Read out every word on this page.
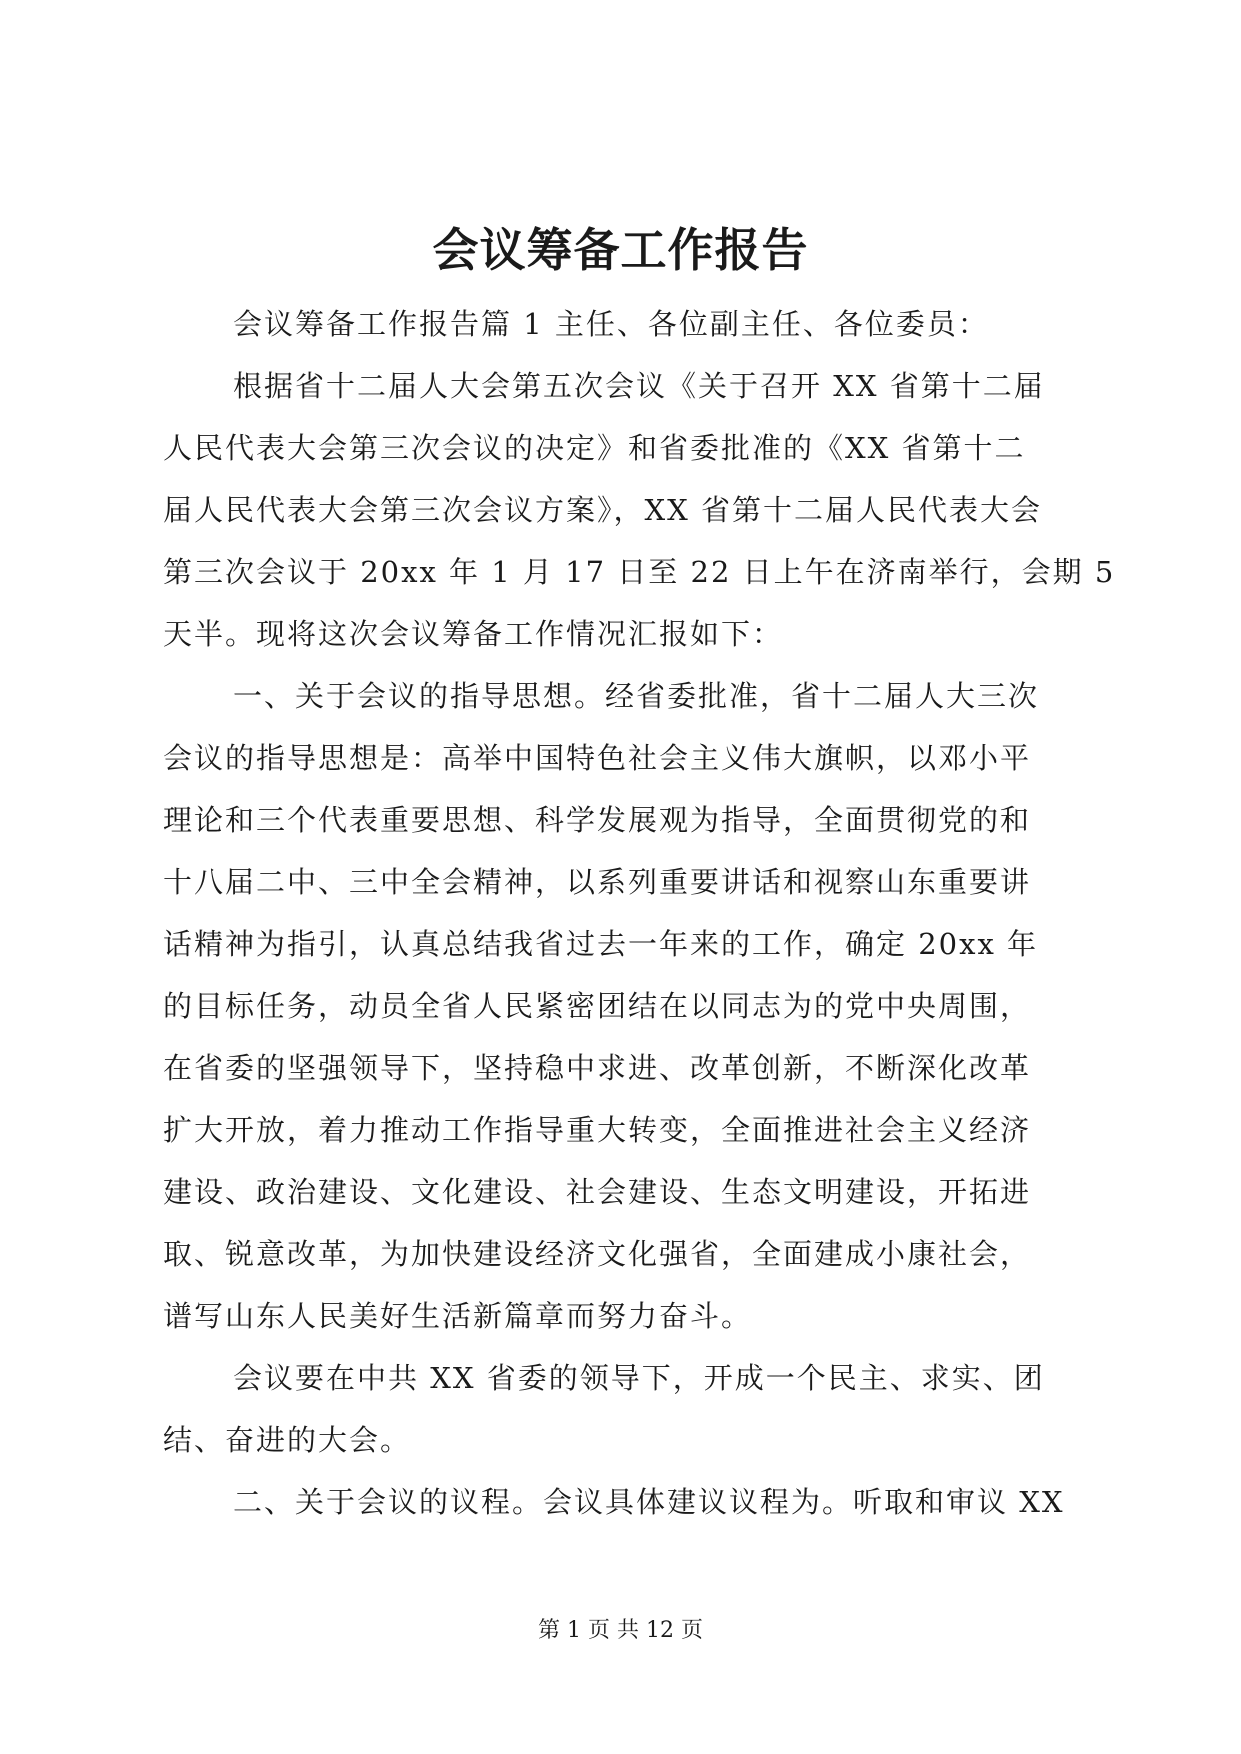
会议筹备工作报告
会议筹备工作报告篇 1 主任、各位副主任、各位委员：
根据省十二届人大会第五次会议《关于召开 XX 省第十二届
人民代表大会第三次会议的决定》和省委批准的《XX 省第十二
届人民代表大会第三次会议方案》，XX 省第十二届人民代表大会
第三次会议于 20xx 年 1 月 17 日至 22 日上午在济南举行，会期 5
天半。现将这次会议筹备工作情况汇报如下：
一、关于会议的指导思想。经省委批准，省十二届人大三次
会议的指导思想是：高举中国特色社会主义伟大旗帜，以邓小平
理论和三个代表重要思想、科学发展观为指导，全面贯彻党的和
十八届二中、三中全会精神，以系列重要讲话和视察山东重要讲
话精神为指引，认真总结我省过去一年来的工作，确定 20xx 年
的目标任务，动员全省人民紧密团结在以同志为的党中央周围，
在省委的坚强领导下，坚持稳中求进、改革创新，不断深化改革
扩大开放，着力推动工作指导重大转变，全面推进社会主义经济
建设、政治建设、文化建设、社会建设、生态文明建设，开拓进
取、锐意改革，为加快建设经济文化强省，全面建成小康社会，
谱写山东人民美好生活新篇章而努力奋斗。
会议要在中共 XX 省委的领导下，开成一个民主、求实、团
结、奋进的大会。
二、关于会议的议程。会议具体建议议程为。听取和审议 XX
第 1 页 共 12 页
